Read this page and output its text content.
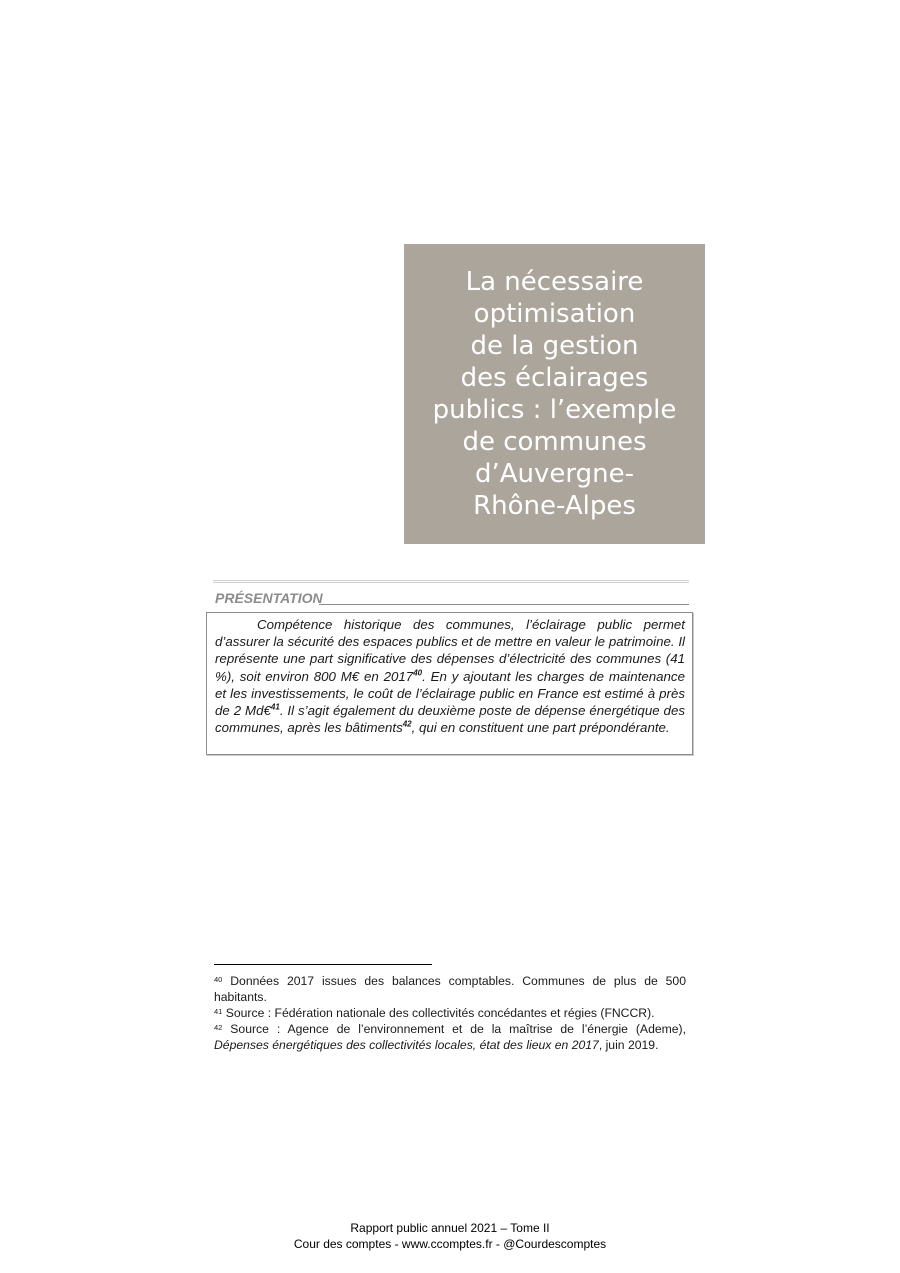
La nécessaire
optimisation
de la gestion
des éclairages
publics : l’exemple
de communes
d’Auvergne-
Rhône-Alpes
PRÉSENTATION

Compétence historique des communes, l’éclairage public permet d’assurer la sécurité des espaces publics et de mettre en valeur le patrimoine. Il représente une part significative des dépenses d’électricité des communes (41 %), soit environ 800 M€ en 2017$^{40}$. En y ajoutant les charges de maintenance et les investissements, le coût de l’éclairage public en France est estimé à près de 2 Md€$^{41}$. Il s’agit également du deuxième poste de dépense énergétique des communes, après les bâtiments$^{42}$, qui en constituent une part prépondérante.

$^{40}$ Données 2017 issues des balances comptables. Communes de plus de 500 habitants.

$^{41}$ Source : Fédération nationale des collectivités concédantes et régies (FNCCR).

$^{42}$ Source : Agence de l’environnement et de la maîtrise de l’énergie (Ademe), Dépenses énergétiques des collectivités locales, état des lieux en 2017, juin 2019.

Rapport public annuel 2021 – Tome II
Cour des comptes - www.ccomptes.fr - @Courdescomptes
